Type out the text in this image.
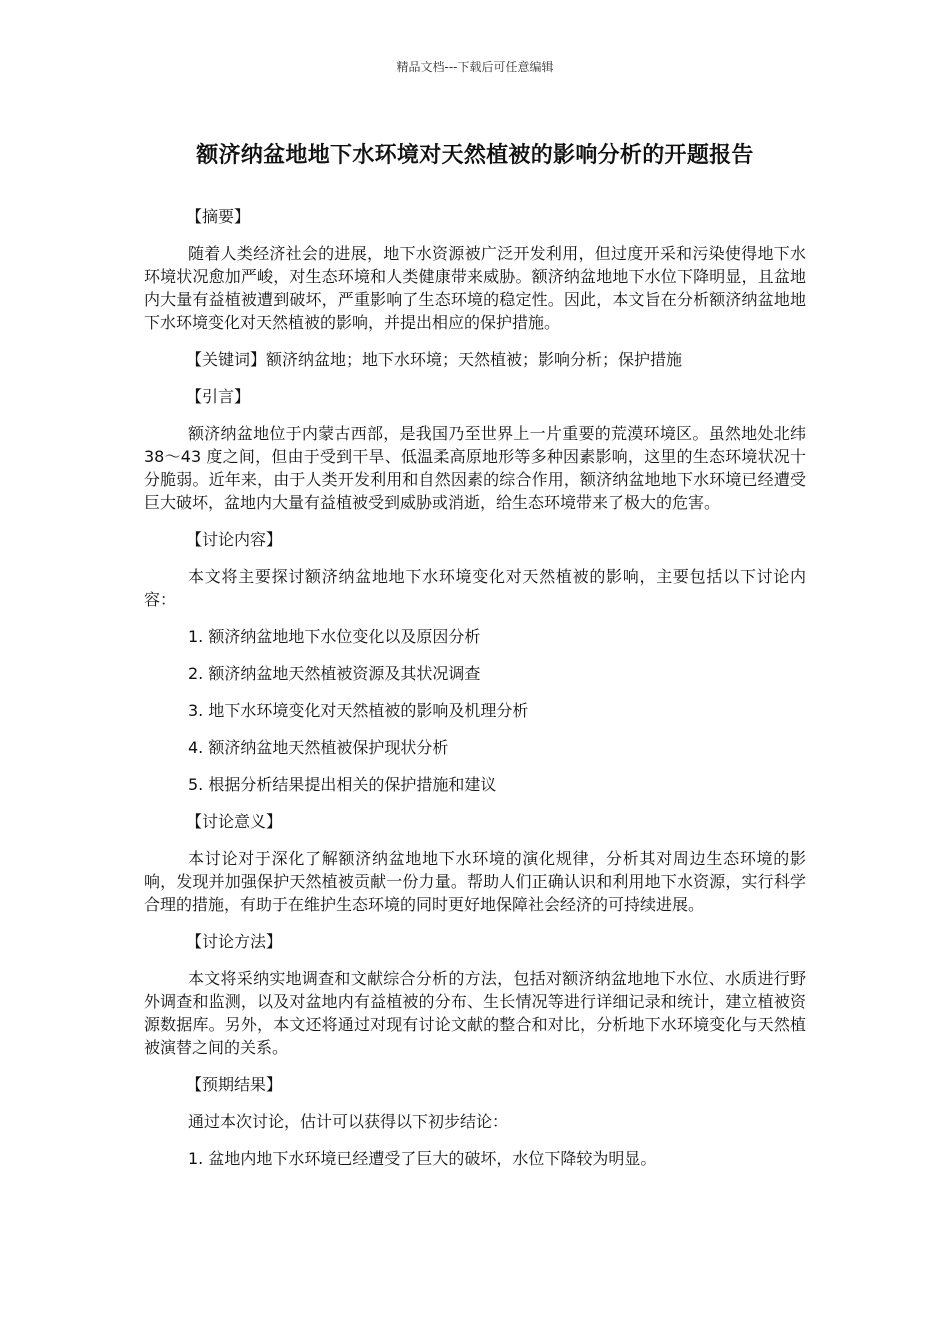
精品文档---下载后可任意编辑
额济纳盆地地下水环境对天然植被的影响分析的开题报告
【摘要】
随着人类经济社会的进展，地下水资源被广泛开发利用，但过度开采和污染使得地下水环境状况愈加严峻，对生态环境和人类健康带来威胁。额济纳盆地地下水位下降明显，且盆地内大量有益植被遭到破坏，严重影响了生态环境的稳定性。因此，本文旨在分析额济纳盆地地下水环境变化对天然植被的影响，并提出相应的保护措施。
【关键词】额济纳盆地；地下水环境；天然植被；影响分析；保护措施
【引言】
额济纳盆地位于内蒙古西部，是我国乃至世界上一片重要的荒漠环境区。虽然地处北纬 38～43 度之间，但由于受到干旱、低温柔高原地形等多种因素影响，这里的生态环境状况十分脆弱。近年来，由于人类开发利用和自然因素的综合作用，额济纳盆地地下水环境已经遭受巨大破坏，盆地内大量有益植被受到威胁或消逝，给生态环境带来了极大的危害。
【讨论内容】
本文将主要探讨额济纳盆地地下水环境变化对天然植被的影响，主要包括以下讨论内容：
1. 额济纳盆地地下水位变化以及原因分析
2. 额济纳盆地天然植被资源及其状况调查
3. 地下水环境变化对天然植被的影响及机理分析
4. 额济纳盆地天然植被保护现状分析
5. 根据分析结果提出相关的保护措施和建议
【讨论意义】
本讨论对于深化了解额济纳盆地地下水环境的演化规律，分析其对周边生态环境的影响，发现并加强保护天然植被贡献一份力量。帮助人们正确认识和利用地下水资源，实行科学合理的措施，有助于在维护生态环境的同时更好地保障社会经济的可持续进展。
【讨论方法】
本文将采纳实地调查和文献综合分析的方法，包括对额济纳盆地地下水位、水质进行野外调查和监测，以及对盆地内有益植被的分布、生长情况等进行详细记录和统计，建立植被资源数据库。另外，本文还将通过对现有讨论文献的整合和对比，分析地下水环境变化与天然植被演替之间的关系。
【预期结果】
通过本次讨论，估计可以获得以下初步结论：
1. 盆地内地下水环境已经遭受了巨大的破坏，水位下降较为明显。
